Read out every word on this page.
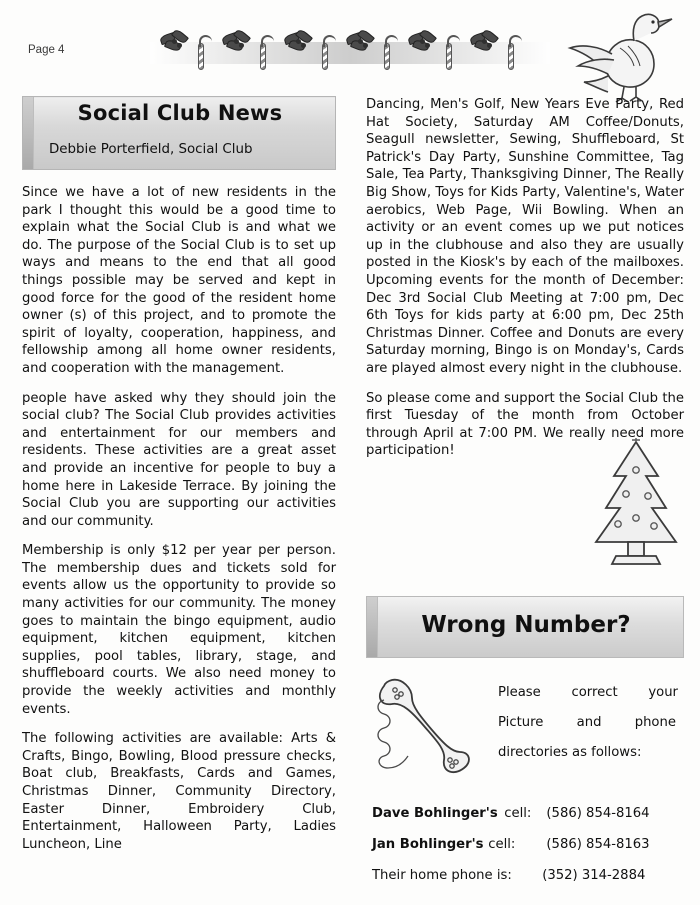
Page 4
Social Club News
Debbie Porterfield, Social Club

Since we have a lot of new residents in the park I thought this would be a good time to explain what the Social Club is and what we do. The purpose of the Social Club is to set up ways and means to the end that all good things possible may be served and kept in good force for the good of the resident home owner (s) of this project, and to promote the spirit of loyalty, cooperation, happiness, and fellowship among all home owner residents, and cooperation with the management.

people have asked why they should join the social club? The Social Club provides activities and entertainment for our members and residents. These activities are a great asset and provide an incentive for people to buy a home here in Lakeside Terrace. By joining the Social Club you are supporting our activities and our community.

Membership is only $12 per year per person. The membership dues and tickets sold for events allow us the opportunity to provide so many activities for our community. The money goes to maintain the bingo equipment, audio equipment, kitchen equipment, kitchen supplies, pool tables, library, stage, and shuffleboard courts. We also need money to provide the weekly activities and monthly events.

The following activities are available: Arts & Crafts, Bingo, Bowling, Blood pressure checks, Boat club, Breakfasts, Cards and Games, Christmas Dinner, Community Directory, Easter Dinner, Embroidery Club, Entertainment, Halloween Party, Ladies Luncheon, Line

Dancing, Men's Golf, New Years Eve Party, Red Hat Society, Saturday AM Coffee/Donuts, Seagull newsletter, Sewing, Shuffleboard, St Patrick's Day Party, Sunshine Committee, Tag Sale, Tea Party, Thanksgiving Dinner, The Really Big Show, Toys for Kids Party, Valentine's, Water aerobics, Web Page, Wii Bowling. When an activity or an event comes up we put notices up in the clubhouse and also they are usually posted in the Kiosk's by each of the mailboxes. Upcoming events for the month of December: Dec 3rd Social Club Meeting at 7:00 pm, Dec 6th Toys for kids party at 6:00 pm, Dec 25th Christmas Dinner. Coffee and Donuts are every Saturday morning, Bingo is on Monday's, Cards are played almost every night in the clubhouse.

So please come and support the Social Club the first Tuesday of the month from October through April at 7:00 PM. We really need more participation!

Wrong Number?
Please correct your
Picture	and	phone
directories as follows:
Dave Bohlinger's cell: (586) 854-8164
Jan Bohlinger's cell: (586) 854-8163
Their home phone is: (352) 314-2884
